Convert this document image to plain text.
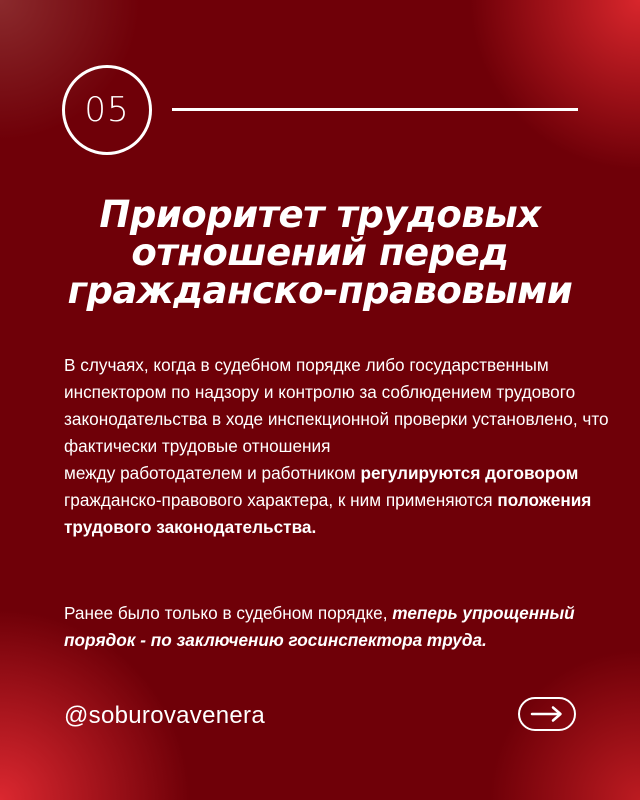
05
Приоритет трудовых отношений перед гражданско-правовыми

В случаях, когда в судебном порядке либо государственным инспектором по надзору и контролю за соблюдением трудового законодательства в ходе инспекционной проверки установлено, что фактически трудовые отношения
между работодателем и работником регулируются договором гражданско-правового характера, к ним применяются положения трудового законодательства.

Ранее было только в судебном порядке, теперь упрощенный порядок - по заключению госинспектора труда.

@soburovavenera
